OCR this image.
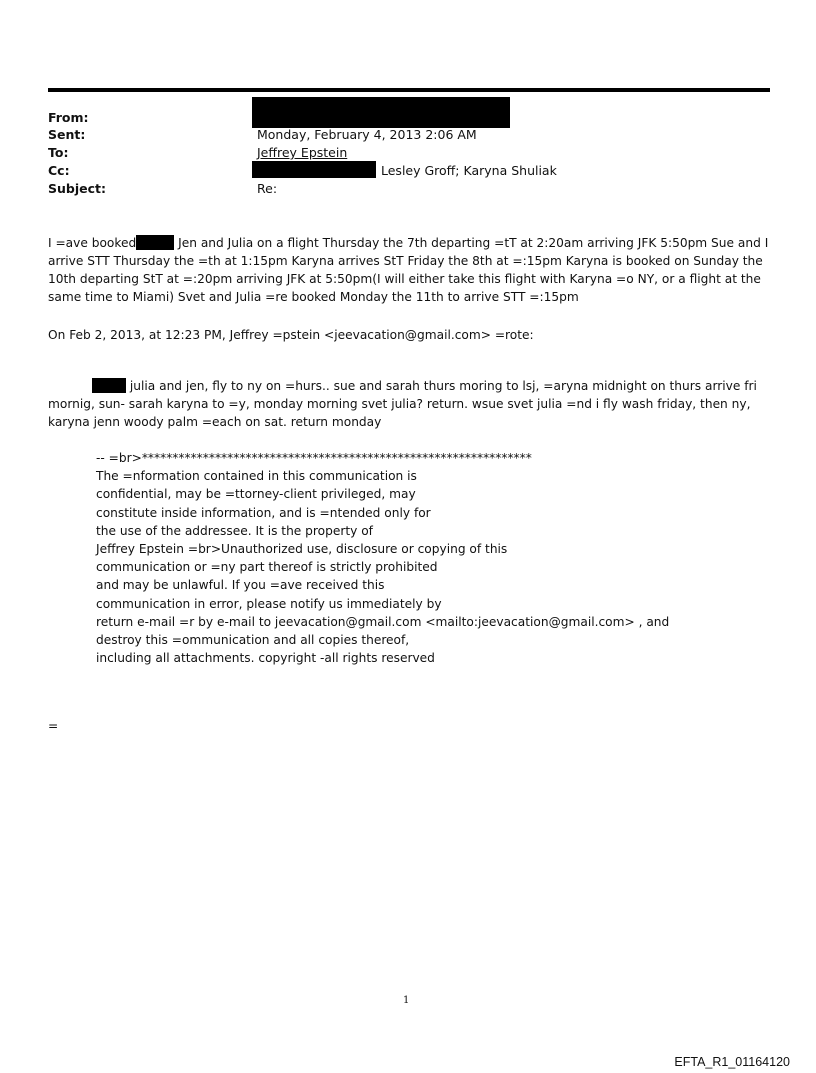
From:
Sent:
To:
Cc:
Subject:
Monday, February 4, 2013 2:06 AM
Jeffrey Epstein
Lesley Groff; Karyna Shuliak
Re:

I =ave booked	Jen and Julia on a flight Thursday the 7th departing =tT at 2:20am arriving JFK 5:50pm Sue and I arrive STT Thursday the =th at 1:15pm Karyna arrives StT Friday the 8th at =:15pm Karyna is booked on Sunday the 10th departing StT at =:20pm arriving JFK at 5:50pm(I will either take this flight with Karyna =o NY, or a flight at the same time to Miami) Svet and Julia =re booked Monday the 11th to arrive STT =:15pm

On Feb 2, 2013, at 12:23 PM, Jeffrey =pstein <jeevacation@gmail.com> =rote:

julia and jen, fly to ny on =hurs.. sue and sarah thurs moring to lsj, =aryna midnight on thurs arrive fri mornig, sun- sarah karyna to =y, monday morning svet julia? return. wsue svet julia =nd i fly wash friday, then ny, karyna jenn woody palm =each on sat. return monday

-- =br>****************************************************************
The =nformation contained in this communication is
confidential, may be =ttorney-client privileged, may
constitute inside information, and is =ntended only for
the use of the addressee. It is the property of
Jeffrey Epstein =br>Unauthorized use, disclosure or copying of this
communication or =ny part thereof is strictly prohibited
and may be unlawful. If you =ave received this
communication in error, please notify us immediately by
return e-mail =r by e-mail to jeevacation@gmail.com <mailto:jeevacation@gmail.com> , and
destroy this =ommunication and all copies thereof,
including all attachments. copyright -all rights reserved
=
1
EFTA_R1_01164120
